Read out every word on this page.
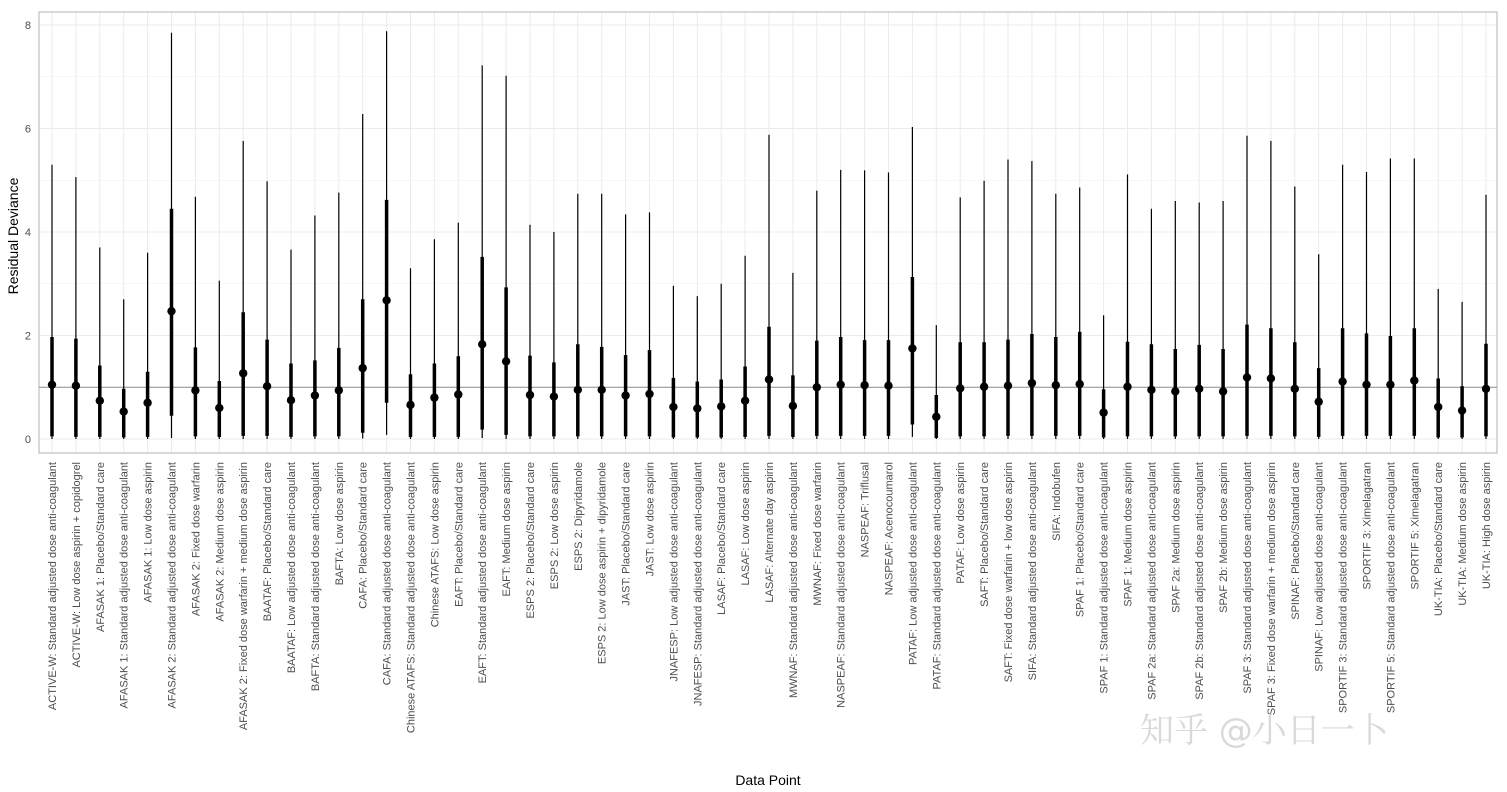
0
2
4
6
8
ACTIVE-W: Standard adjusted dose anti-coagulant ACTIVE-W: Low dose aspirin + copidogrel AFASAK 1: Placebo/Standard care AFASAK 1: Standard adjusted dose anti-coagulant AFASAK 1: Low dose aspirin AFASAK 2: Standard adjusted dose anti-coagulant AFASAK 2: Fixed dose warfarin AFASAK 2: Medium dose aspirin AFASAK 2: Fixed dose warfarin + medium dose aspirin BAATAF: Placebo/Standard care BAATAF: Low adjusted dose anti-coagulant BAFTA: Standard adjusted dose anti-coagulant BAFTA: Low dose aspirin CAFA: Placebo/Standard care CAFA: Standard adjusted dose anti-coagulant Chinese ATAFS: Standard adjusted dose anti-coagulant Chinese ATAFS: Low dose aspirin EAFT: Placebo/Standard care EAFT: Standard adjusted dose anti-coagulant EAFT: Medium dose aspirin ESPS 2: Placebo/Standard care ESPS 2: Low dose aspirin ESPS 2: Dipyridamole ESPS 2: Low dose aspirin + dipyridamole JAST: Placebo/Standard care JAST: Low dose aspirin JNAFESP: Low adjusted dose anti-coagulant JNAFESP: Standard adjusted dose anti-coagulant LASAF: Placebo/Standard care LASAF: Low dose aspirin LASAF: Alternate day aspirin MWNAF: Standard adjusted dose anti-coagulant MWNAF: Fixed dose warfarin NASPEAF: Standard adjusted dose anti-coagulant NASPEAF: Triflusal NASPEAF: Acenocoumarol PATAF: Low adjusted dose anti-coagulant PATAF: Standard adjusted dose anti-coagulant PATAF: Low dose aspirin SAFT: Placebo/Standard care SAFT: Fixed dose warfarin + low dose aspirin SIFA: Standard adjusted dose anti-coagulant SIFA: Indobufen SPAF 1: Placebo/Standard care SPAF 1: Standard adjusted dose anti-coagulant SPAF 1: Medium dose aspirin SPAF 2a: Standard adjusted dose anti-coagulant SPAF 2a: Medium dose aspirin SPAF 2b: Standard adjusted dose anti-coagulant SPAF 2b: Medium dose aspirin SPAF 3: Standard adjusted dose anti-coagulant SPAF 3: Fixed dose warfarin + medium dose aspirin SPINAF: Placebo/Standard care SPINAF: Low adjusted dose anti-coagulant SPORTIF 3: Standard adjusted dose anti-coagulant SPORTIF 3: Ximelagatran SPORTIF 5: Standard adjusted dose anti-coagulant SPORTIF 5: Ximelagatran UK-TIA: Placebo/Standard care UK-TIA: Medium dose aspirin UK-TIA: High dose aspirin
Data Point
Residual Deviance
知乎 @小日一卜
